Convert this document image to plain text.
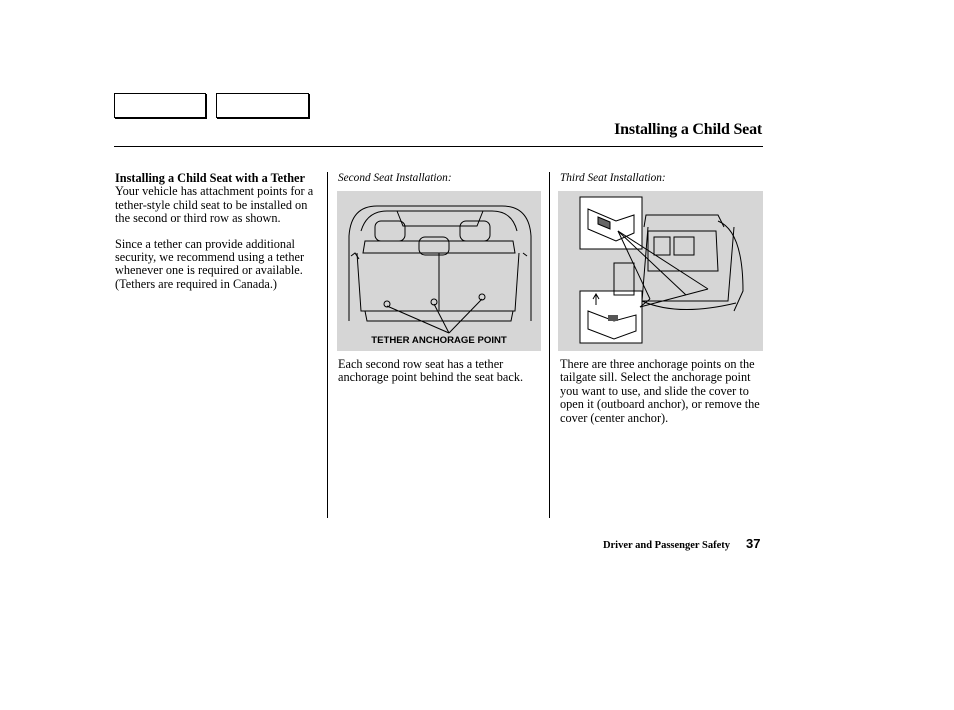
Installing a Child Seat
Installing a Child Seat with a Tether

Your vehicle has attachment points for a tether-style child seat to be installed on the second or third row as shown.

Since a tether can provide additional security, we recommend using a tether whenever one is required or available. (Tethers are required in Canada.)

Second Seat Installation:
TETHER ANCHORAGE POINT
Each second row seat has a tether anchorage point behind the seat back.
Third Seat Installation:
There are three anchorage points on the tailgate sill. Select the anchorage point you want to use, and slide the cover to open it (outboard anchor), or remove the cover (center anchor).
Driver and Passenger Safety 37
